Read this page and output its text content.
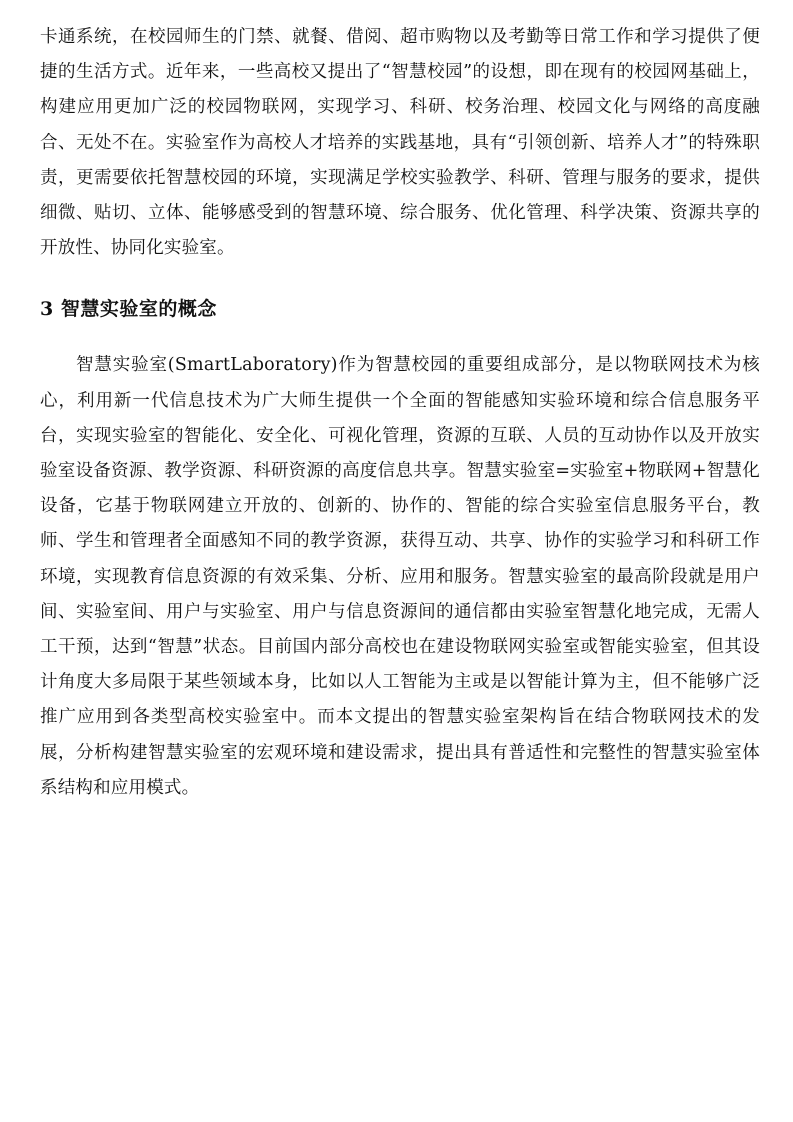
卡通系统，在校园师生的门禁、就餐、借阅、超市购物以及考勤等日常工作和学习提供了便捷的生活方式。近年来，一些高校又提出了“智慧校园”的设想，即在现有的校园网基础上，构建应用更加广泛的校园物联网，实现学习、科研、校务治理、校园文化与网络的高度融合、无处不在。实验室作为高校人才培养的实践基地，具有“引领创新、培养人才”的特殊职责，更需要依托智慧校园的环境，实现满足学校实验教学、科研、管理与服务的要求，提供细微、贴切、立体、能够感受到的智慧环境、综合服务、优化管理、科学决策、资源共享的开放性、协同化实验室。

3 智慧实验室的概念

智慧实验室(SmartLaboratory)作为智慧校园的重要组成部分，是以物联网技术为核心，利用新一代信息技术为广大师生提供一个全面的智能感知实验环境和综合信息服务平台，实现实验室的智能化、安全化、可视化管理，资源的互联、人员的互动协作以及开放实验室设备资源、教学资源、科研资源的高度信息共享。智慧实验室=实验室+物联网+智慧化设备，它基于物联网建立开放的、创新的、协作的、智能的综合实验室信息服务平台，教师、学生和管理者全面感知不同的教学资源，获得互动、共享、协作的实验学习和科研工作环境，实现教育信息资源的有效采集、分析、应用和服务。智慧实验室的最高阶段就是用户间、实验室间、用户与实验室、用户与信息资源间的通信都由实验室智慧化地完成，无需人工干预，达到“智慧”状态。目前国内部分高校也在建设物联网实验室或智能实验室，但其设计角度大多局限于某些领域本身，比如以人工智能为主或是以智能计算为主，但不能够广泛推广应用到各类型高校实验室中。而本文提出的智慧实验室架构旨在结合物联网技术的发展，分析构建智慧实验室的宏观环境和建设需求，提出具有普适性和完整性的智慧实验室体系结构和应用模式。
